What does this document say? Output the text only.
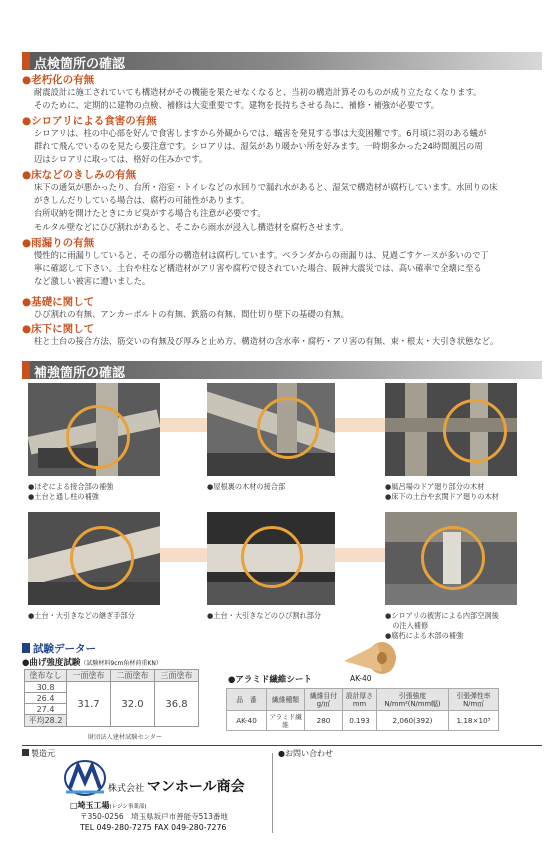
点検箇所の確認
●老朽化の有無

耐震設計に施工されていても構造材がその機能を果たせなくなると、当初の構造計算そのものが成り立たなくなります。

そのために、定期的に建物の点検、補修は大変重要です。建物を長持ちさせる為に、補修・補強が必要です。

●シロアリによる食害の有無

シロアリは、柱の中心部を好んで食害しますから外観からでは、蟻害を発見する事は大変困難です。6月頃に羽のある蟻が

群れて飛んでいるのを見たら要注意です。シロアリは、湿気があり暖かい所を好みます。一時期多かった24時間風呂の周

辺はシロアリに取っては、格好の住みかです。

●床などのきしみの有無

床下の通気が悪かったり、台所・浴室・トイレなどの水回りで漏れ水があると、湿気で構造材が腐朽しています。水回りの床

がきしんだりしている場合は、腐朽の可能性があります。

台所収納を開けたときにカビ臭がする場合も注意が必要です。

モルタル壁などにひび割れがあると、そこから雨水が浸入し構造材を腐朽させます。

●雨漏りの有無

慢性的に雨漏りしていると、その部分の構造材は腐朽しています。ベランダからの雨漏りは、見過ごすケースが多いので丁

寧に確認して下さい。土台や柱など構造材がアリ害や腐朽で侵されていた場合、阪神大震災では、高い確率で全壊に至る

など激しい被害に遭いました。

●基礎に関して

ひび割れの有無、アンカーボルトの有無、鉄筋の有無、間仕切り壁下の基礎の有無。

●床下に関して

柱と土台の接合方法、筋交いの有無及び厚みと止め方、構造材の含水率・腐朽・アリ害の有無、束・根太・大引き状態など。

補強箇所の確認
●ほぞによる接合部の補強
●土台と通し柱の補強
●屋根裏の木材の接合部	●風呂場のドア廻り部分の木材
●床下の土台や玄関ドア廻りの木材
●土台・大引きなどの継ぎ手部分	●土台・大引きなどのひび割れ部分	●シロアリの被害による内部空洞後
　の注入補修
●腐朽による木部の補強
試験データー
●曲げ強度試験（試験材料9cm角材荷重KN）
塗布なし	一面塗布	二面塗布	三面塗布
30.8	31.7	32.0	36.8
26.4			
27.4			
平均28.2			
財団法人建材試験センター
●アラミド繊維シート	AK-40
品　番	繊維種類	繊維目付 g/㎡	設計厚さ mm	引張強度 N/mm²(N/mm幅)	引張弾性率 N/m㎡
AK-40	アラミド繊維	280	0.193	2,060(392)	1.18×10⁵
製造元	●お問い合わせ
株式会社 マンホール商会
□埼玉工場(レジン事業部)
〒350-0256　埼玉県坂戸市善能寺513番地
TEL 049-280-7275 FAX 049-280-7276
